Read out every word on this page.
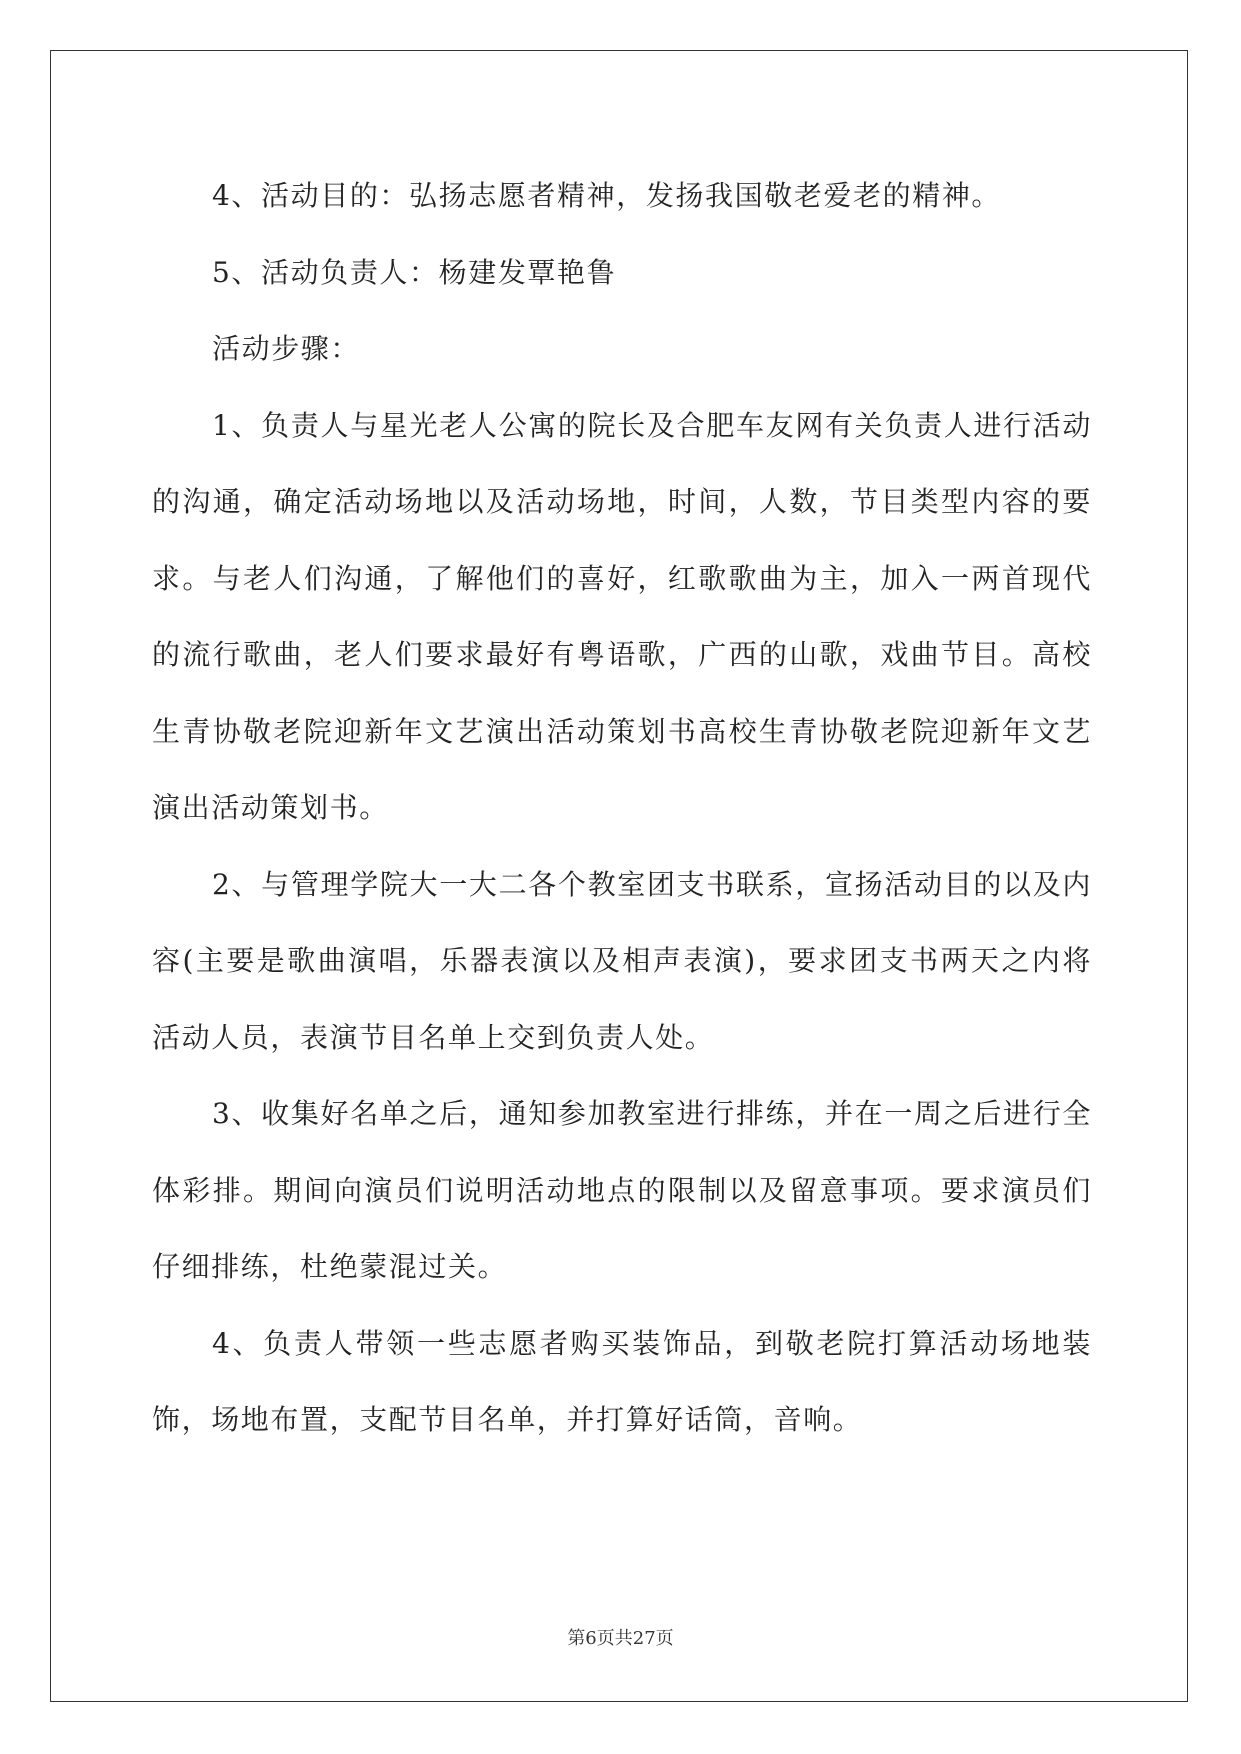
4、活动目的：弘扬志愿者精神，发扬我国敬老爱老的精神。

5、活动负责人：杨建发覃艳鲁

活动步骤：

1、负责人与星光老人公寓的院长及合肥车友网有关负责人进行活动的沟通，确定活动场地以及活动场地，时间，人数，节目类型内容的要求。与老人们沟通，了解他们的喜好，红歌歌曲为主，加入一两首现代的流行歌曲，老人们要求最好有粤语歌，广西的山歌，戏曲节目。高校生青协敬老院迎新年文艺演出活动策划书高校生青协敬老院迎新年文艺演出活动策划书。

2、与管理学院大一大二各个教室团支书联系，宣扬活动目的以及内容(主要是歌曲演唱，乐器表演以及相声表演)，要求团支书两天之内将活动人员，表演节目名单上交到负责人处。

3、收集好名单之后，通知参加教室进行排练，并在一周之后进行全体彩排。期间向演员们说明活动地点的限制以及留意事项。要求演员们仔细排练，杜绝蒙混过关。

4、负责人带领一些志愿者购买装饰品，到敬老院打算活动场地装饰，场地布置，支配节目名单，并打算好话筒，音响。

第6页共27页
